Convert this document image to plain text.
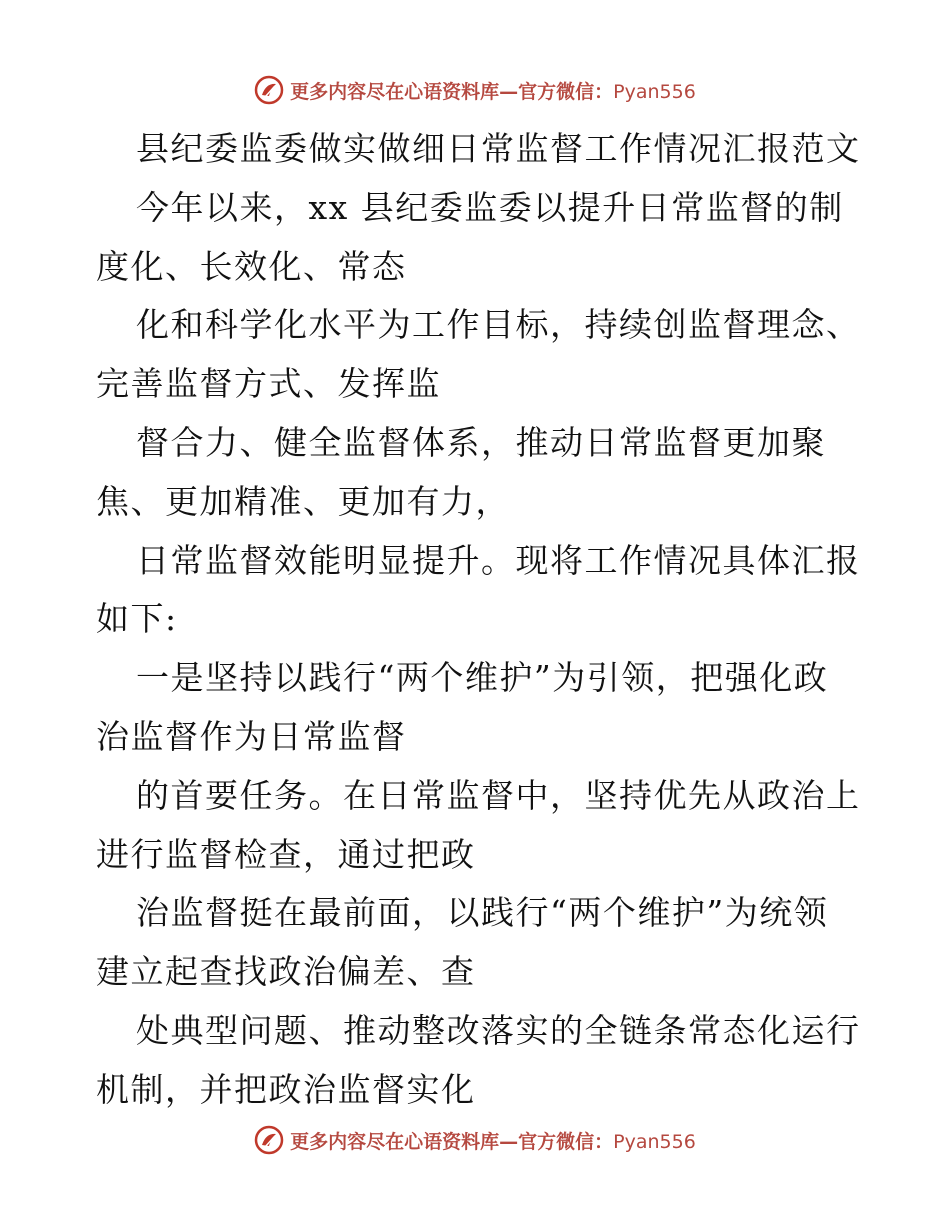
更多内容尽在心语资料库—官方微信：Pyan556
县纪委监委做实做细日常监督工作情况汇报范文
今年以来，xx 县纪委监委以提升日常监督的制
度化、长效化、常态
化和科学化水平为工作目标，持续创监督理念、
完善监督方式、发挥监
督合力、健全监督体系，推动日常监督更加聚
焦、更加精准、更加有力，
日常监督效能明显提升。现将工作情况具体汇报
如下:
一是坚持以践行“两个维护”为引领，把强化政
治监督作为日常监督
的首要任务。在日常监督中，坚持优先从政治上
进行监督检查，通过把政
治监督挺在最前面，以践行“两个维护”为统领
建立起查找政治偏差、查
处典型问题、推动整改落实的全链条常态化运行
机制，并把政治监督实化
更多内容尽在心语资料库—官方微信：Pyan556
